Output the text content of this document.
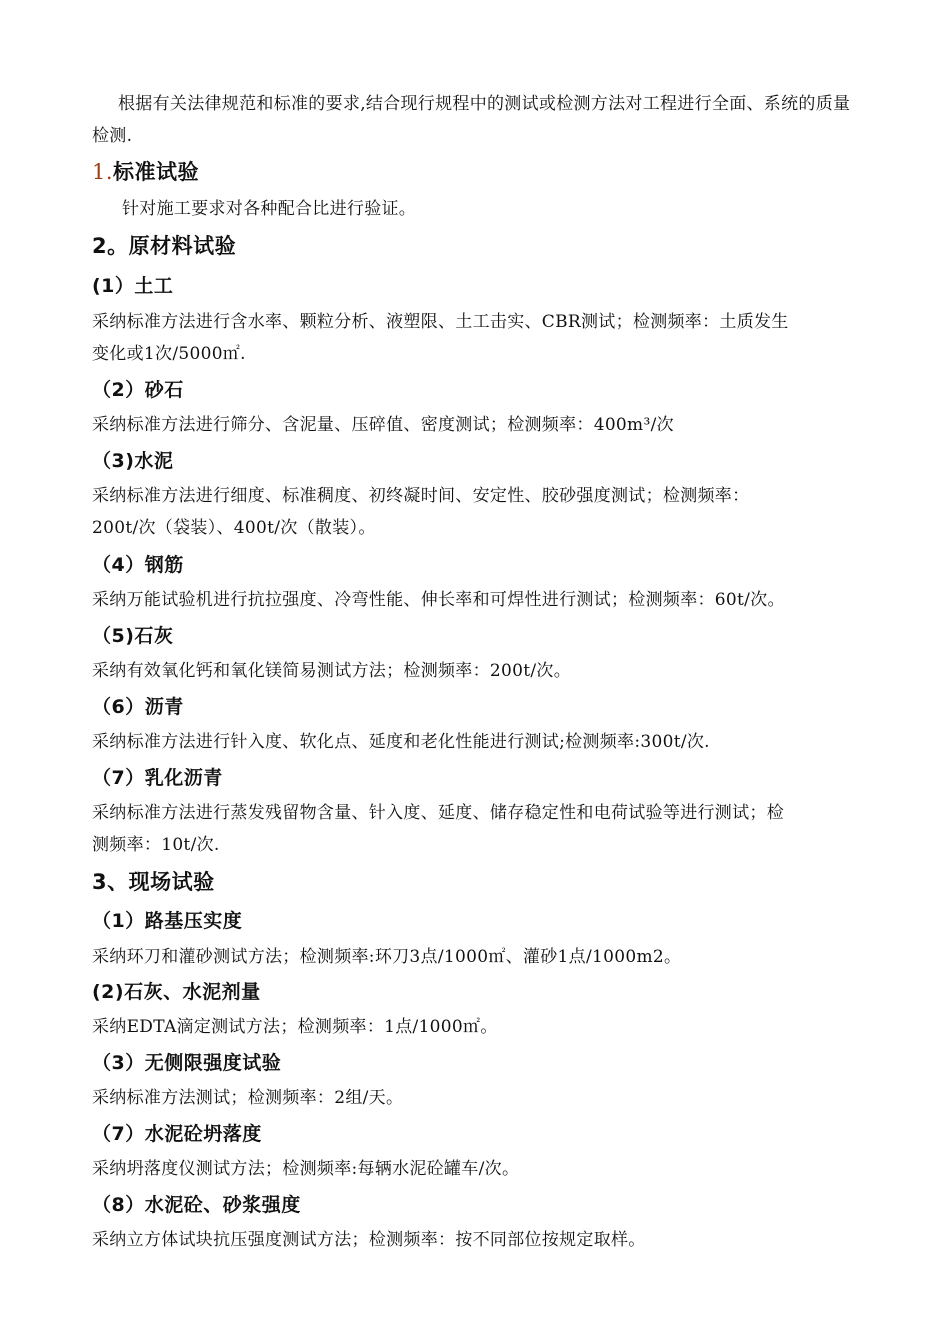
根据有关法律规范和标准的要求,结合现行规程中的测试或检测方法对工程进行全面、系统的质量检测.
1.标准试验
针对施工要求对各种配合比进行验证。
2。原材料试验
(1）土工
采纳标准方法进行含水率、颗粒分析、液塑限、土工击实、CBR测试；检测频率：土质发生
变化或1次/5000㎡.
（2）砂石
采纳标准方法进行筛分、含泥量、压碎值、密度测试；检测频率：400m³/次
（3)水泥
采纳标准方法进行细度、标准稠度、初终凝时间、安定性、胶砂强度测试；检测频率：
200t/次（袋装）、400t/次（散装）。
（4）钢筋
采纳万能试验机进行抗拉强度、冷弯性能、伸长率和可焊性进行测试；检测频率：60t/次。
（5)石灰
采纳有效氧化钙和氧化镁简易测试方法；检测频率：200t/次。
（6）沥青
采纳标准方法进行针入度、软化点、延度和老化性能进行测试;检测频率:300t/次.
（7）乳化沥青
采纳标准方法进行蒸发残留物含量、针入度、延度、储存稳定性和电荷试验等进行测试；检
测频率：10t/次.
3、现场试验
（1）路基压实度
采纳环刀和灌砂测试方法；检测频率:环刀3点/1000㎡、灌砂1点/1000m2。
(2)石灰、水泥剂量
采纳EDTA滴定测试方法；检测频率：1点/1000㎡。
（3）无侧限强度试验
采纳标准方法测试；检测频率：2组/天。
（7）水泥砼坍落度
采纳坍落度仪测试方法；检测频率:每辆水泥砼罐车/次。
（8）水泥砼、砂浆强度
采纳立方体试块抗压强度测试方法；检测频率：按不同部位按规定取样。
